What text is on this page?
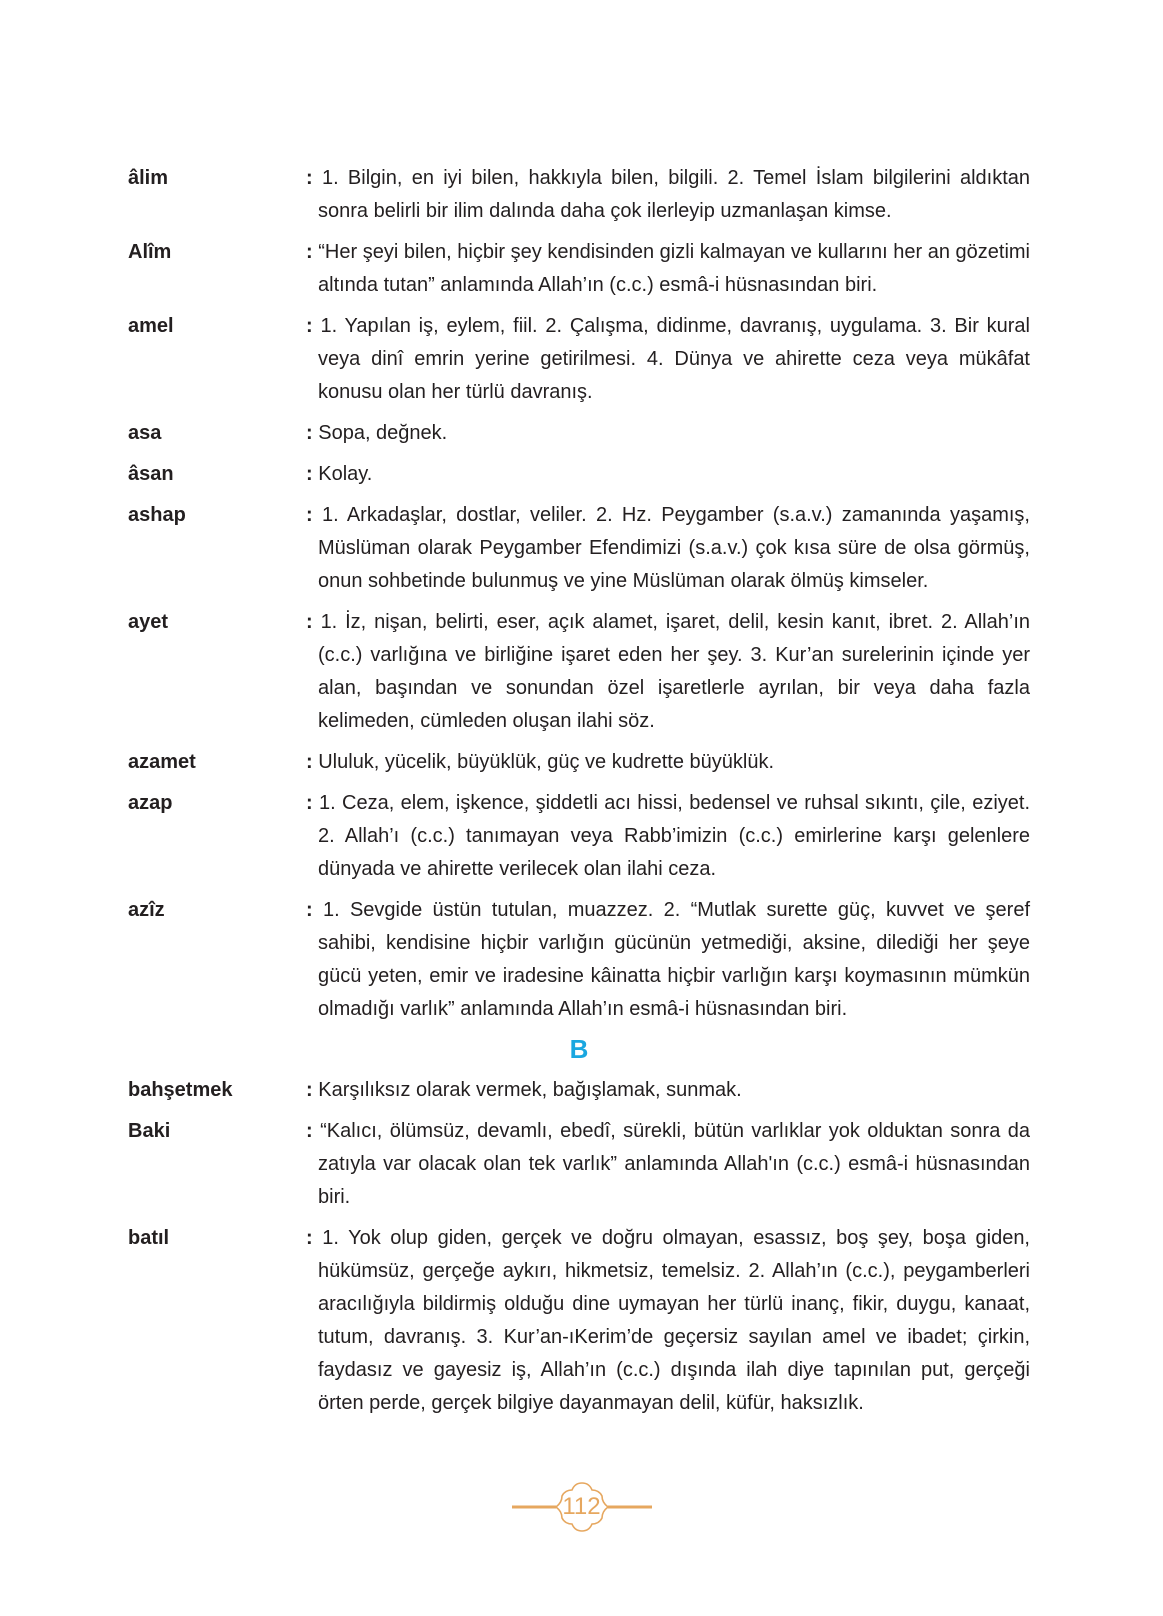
âlim	: 1. Bilgin, en iyi bilen, hakkıyla bilen, bilgili. 2. Temel İslam bilgilerini aldıktan sonra belirli bir ilim dalında daha çok ilerleyip uzmanlaşan kimse.
Alîm	: “Her şeyi bilen, hiçbir şey kendisinden gizli kalmayan ve kullarını her an gözetimi altında tutan” anlamında Allah’ın (c.c.) esmâ-i hüsnasından biri.
amel	: 1. Yapılan iş, eylem, fiil. 2. Çalışma, didinme, davranış, uygulama. 3. Bir kural veya dinî emrin yerine getirilmesi. 4. Dünya ve ahirette ceza veya mükâfat konusu olan her türlü davranış.
asa	: Sopa, değnek.
âsan	: Kolay.
ashap	: 1. Arkadaşlar, dostlar, veliler. 2. Hz. Peygamber (s.a.v.) zamanında yaşamış, Müslüman olarak Peygamber Efendimizi (s.a.v.) çok kısa süre de olsa görmüş, onun sohbetinde bulunmuş ve yine Müslüman olarak ölmüş kimseler.
ayet	: 1. İz, nişan, belirti, eser, açık alamet, işaret, delil, kesin kanıt, ibret. 2. Allah’ın (c.c.) varlığına ve birliğine işaret eden her şey. 3. Kur’an surelerinin içinde yer alan, başından ve sonundan özel işaretlerle ayrılan, bir veya daha fazla kelimeden, cümleden oluşan ilahi söz.
azamet	: Ululuk, yücelik, büyüklük, güç ve kudrette büyüklük.
azap	: 1. Ceza, elem, işkence, şiddetli acı hissi, bedensel ve ruhsal sıkıntı, çile, eziyet. 2. Allah’ı (c.c.) tanımayan veya Rabb’imizin (c.c.) emirlerine karşı gelenlere dünyada ve ahirette verilecek olan ilahi ceza.
azîz	: 1. Sevgide üstün tutulan, muazzez. 2. “Mutlak surette güç, kuvvet ve şeref sahibi, kendisine hiçbir varlığın gücünün yetmediği, aksine, dilediği her şeye gücü yeten, emir ve iradesine kâinatta hiçbir varlığın karşı koymasının mümkün olmadığı varlık” anlamında Allah’ın esmâ-i hüsnasından biri.
B
bahşetmek	: Karşılıksız olarak vermek, bağışlamak, sunmak.
Baki	: “Kalıcı, ölümsüz, devamlı, ebedî, sürekli, bütün varlıklar yok olduktan sonra da zatıyla var olacak olan tek varlık” anlamında Allah'ın (c.c.) esmâ-i hüsnasından biri.
batıl	: 1. Yok olup giden, gerçek ve doğru olmayan, esassız, boş şey, boşa giden, hükümsüz, gerçeğe aykırı, hikmetsiz, temelsiz. 2. Allah’ın (c.c.), peygamberleri aracılığıyla bildirmiş olduğu dine uymayan her türlü inanç, fikir, duygu, kanaat, tutum, davranış. 3. Kur’an-ıKerim’de geçersiz sayılan amel ve ibadet; çirkin, faydasız ve gayesiz iş, Allah’ın (c.c.) dışında ilah diye tapınılan put, gerçeği örten perde, gerçek bilgiye dayanmayan delil, küfür, haksızlık.
112
